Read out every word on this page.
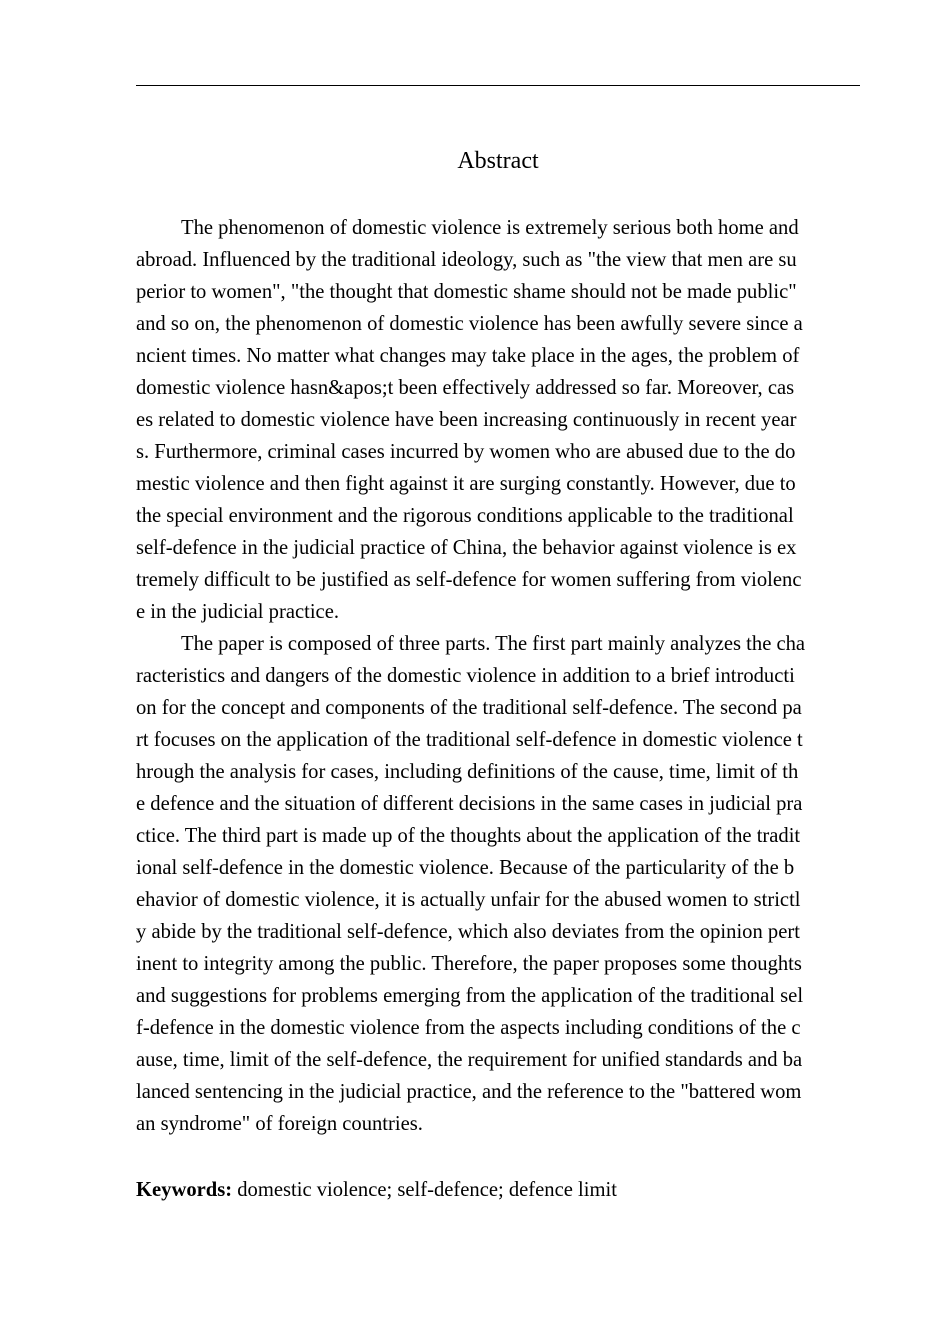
Abstract
The phenomenon of domestic violence is extremely serious both home and
abroad. Influenced by the traditional ideology, such as "the view that men are su
perior to women", "the thought that domestic shame should not be made public"
and so on, the phenomenon of domestic violence has been awfully severe since a
ncient times. No matter what changes may take place in the ages, the problem of
domestic violence hasn&apos;t been effectively addressed so far. Moreover, cas
es related to domestic violence have been increasing continuously in recent year
s. Furthermore, criminal cases incurred by women who are abused due to the do
mestic violence and then fight against it are surging constantly. However, due to
the special environment and the rigorous conditions applicable to the traditional
self-defence in the judicial practice of China, the behavior against violence is ex
tremely difficult to be justified as self-defence for women suffering from violenc
e in the judicial practice.
The paper is composed of three parts. The first part mainly analyzes the cha
racteristics and dangers of the domestic violence in addition to a brief introducti
on for the concept and components of the traditional self-defence. The second pa
rt focuses on the application of the traditional self-defence in domestic violence t
hrough the analysis for cases, including definitions of the cause, time, limit of th
e defence and the situation of different decisions in the same cases in judicial pra
ctice. The third part is made up of the thoughts about the application of the tradit
ional self-defence in the domestic violence. Because of the particularity of the b
ehavior of domestic violence, it is actually unfair for the abused women to strictl
y abide by the traditional self-defence, which also deviates from the opinion pert
inent to integrity among the public. Therefore, the paper proposes some thoughts
and suggestions for problems emerging from the application of the traditional sel
f-defence in the domestic violence from the aspects including conditions of the c
ause, time, limit of the self-defence, the requirement for unified standards and ba
lanced sentencing in the judicial practice, and the reference to the "battered wom
an syndrome" of foreign countries.
Keywords: domestic violence; self-defence; defence limit
